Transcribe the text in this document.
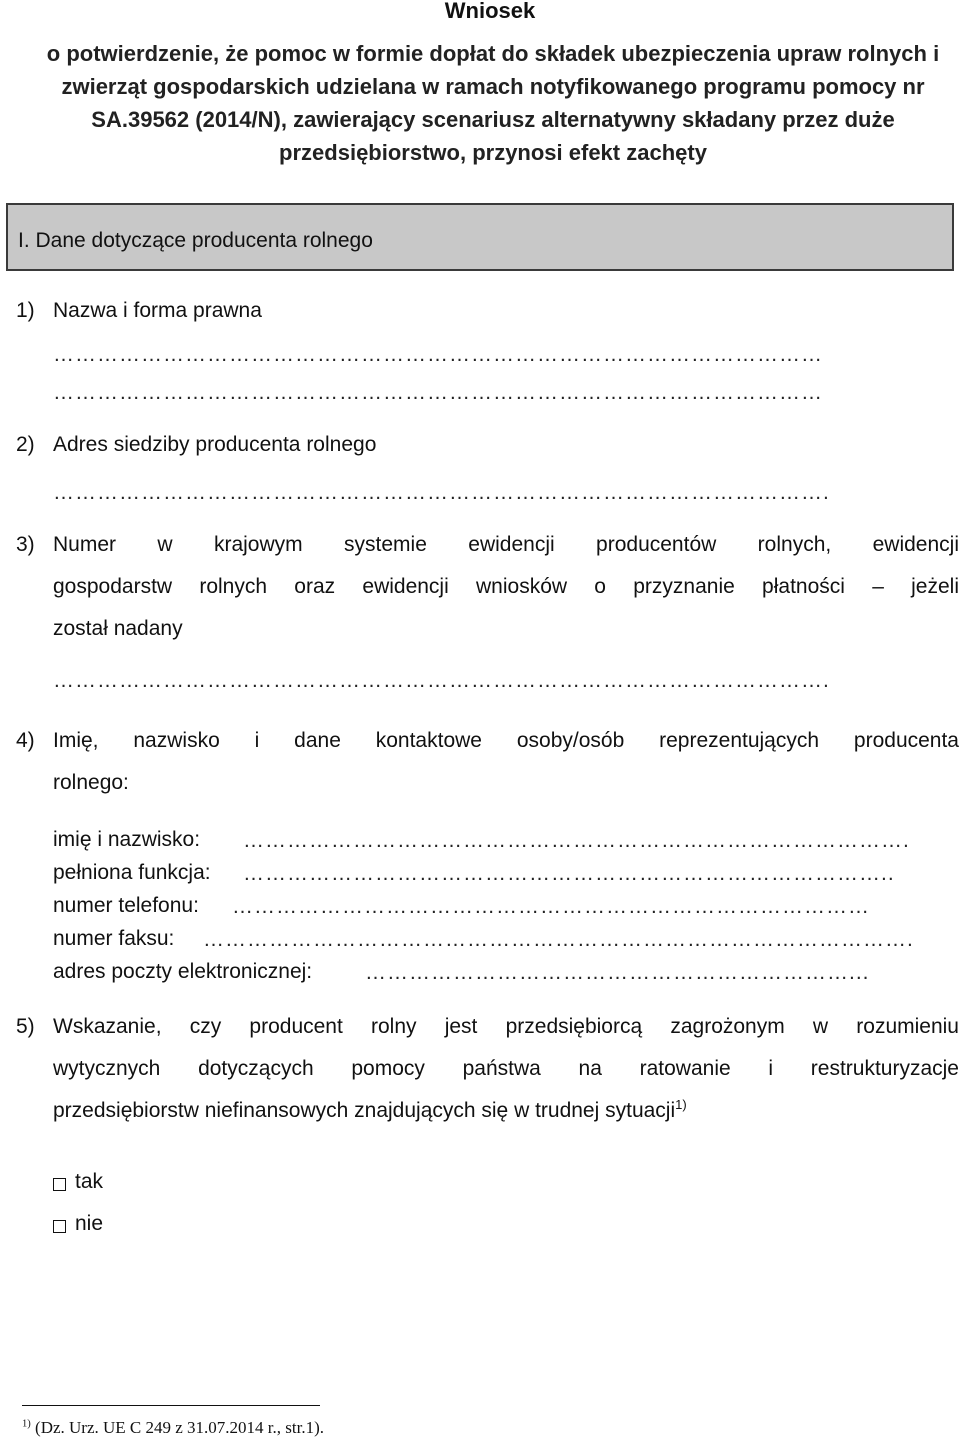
Wniosek
o potwierdzenie, że pomoc w formie dopłat do składek ubezpieczenia upraw rolnych i zwierząt gospodarskich udzielana w ramach notyfikowanego programu pomocy nr SA.39562 (2014/N), zawierający scenariusz alternatywny składany przez duże przedsiębiorstwo, przynosi efekt zachęty
I. Dane dotyczące producenta rolnego
1) Nazwa i forma prawna
……………………………………………………………………………………………
……………………………………………………………………………………………
2) Adres siedziby producenta rolnego
…………………………………………………………………………………………….
3) Numer w krajowym systemie ewidencji producentów rolnych, ewidencji
gospodarstw rolnych oraz ewidencji wniosków o przyznanie płatności – jeżeli
został nadany
…………………………………………………………………………………………….
4) Imię, nazwisko i dane kontaktowe osoby/osób reprezentujących producenta
rolnego:
imię i nazwisko: ……………………………………………………………………………….
pełniona funkcja: ……………………………………………………………………………..
numer telefonu: ……………………………………………………………………………
numer faksu: …………………………………………………………………………………….
adres poczty elektronicznej:	…………………………………………………………...
5) Wskazanie, czy producent rolny jest przedsiębiorcą zagrożonym w rozumieniu
wytycznych dotyczących pomocy państwa na ratowanie i restrukturyzacje
przedsiębiorstw niefinansowych znajdujących się w trudnej sytuacji$^{1)}$
tak
nie
$^{1)}$ (Dz. Urz. UE C 249 z 31.07.2014 r., str.1).
